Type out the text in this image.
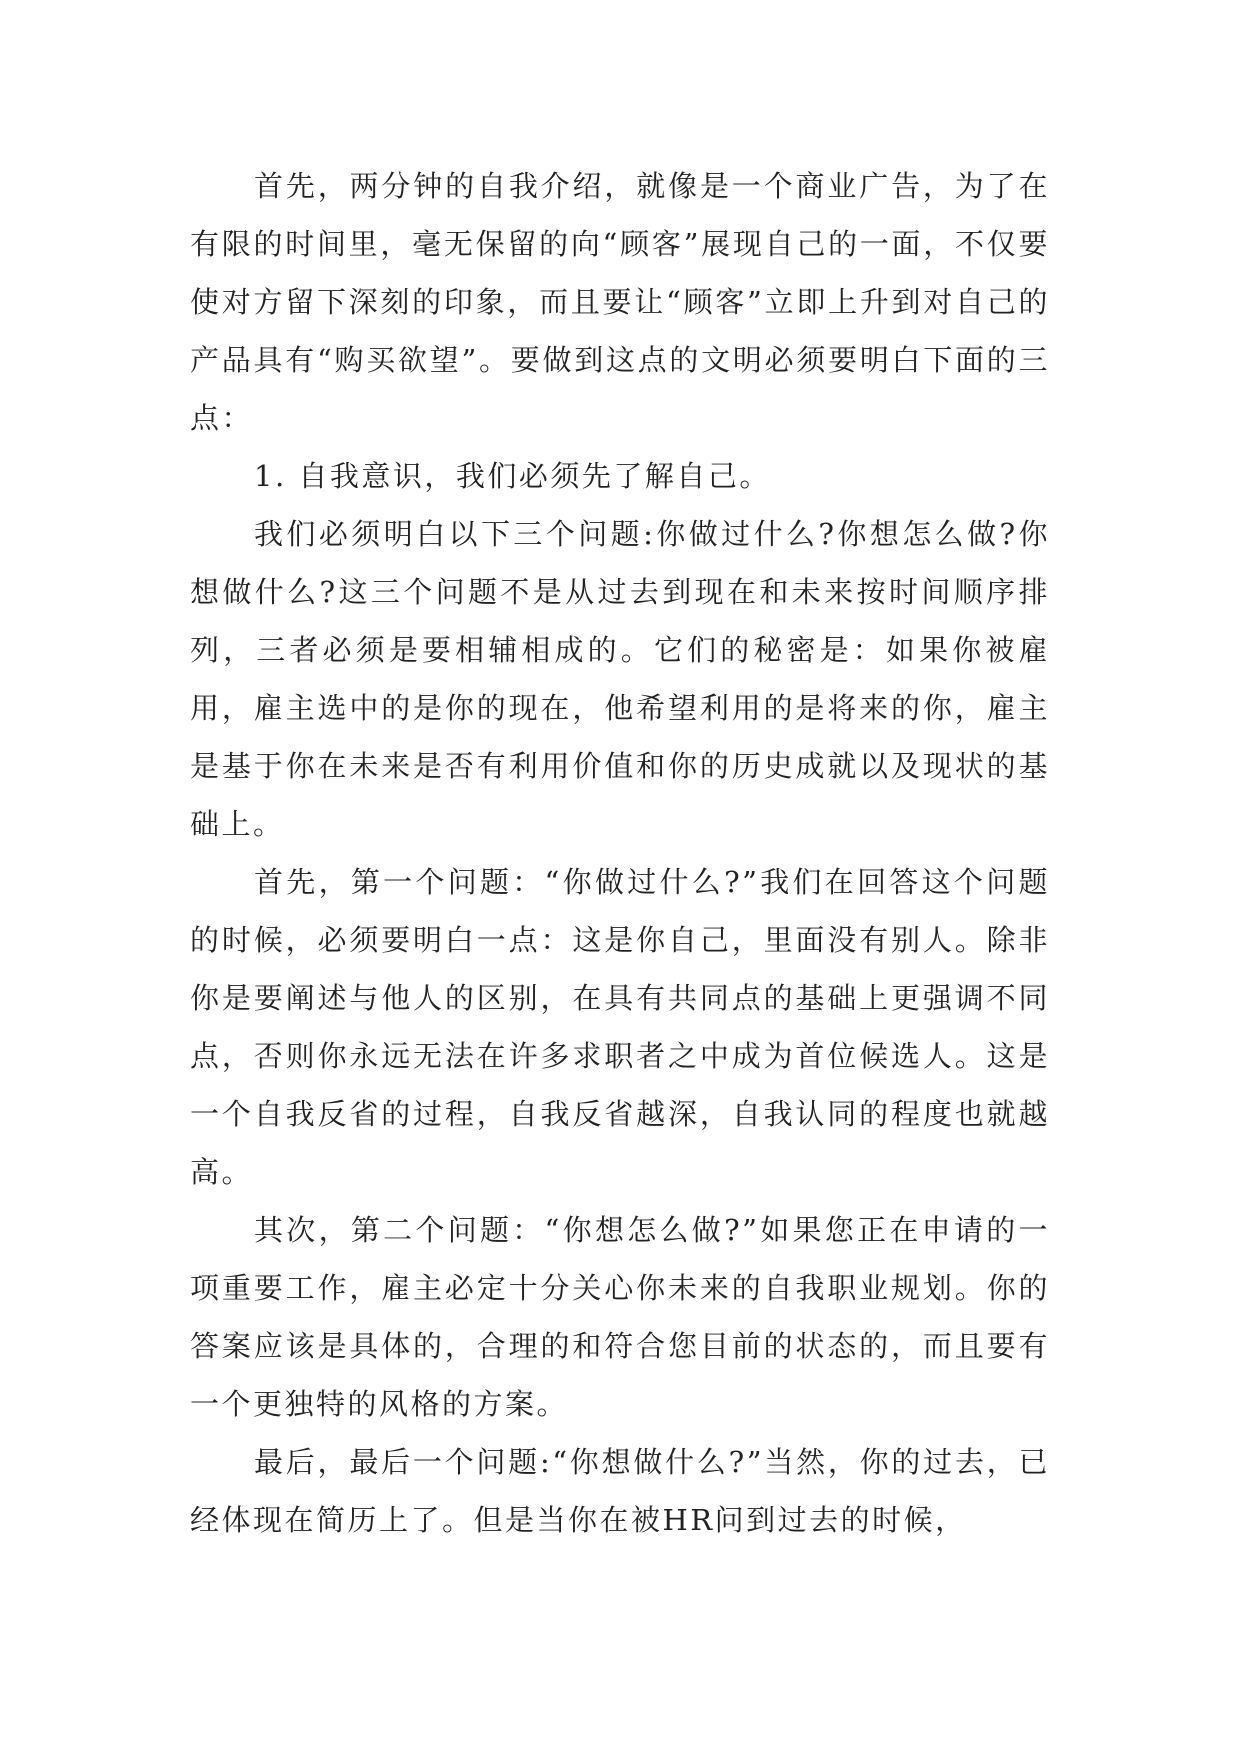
首先，两分钟的自我介绍，就像是一个商业广告，为了在有限的时间里，毫无保留的向“顾客”展现自己的一面，不仅要使对方留下深刻的印象，而且要让“顾客”立即上升到对自己的产品具有“购买欲望”。要做到这点的文明必须要明白下面的三点：

1. 自我意识，我们必须先了解自己。

我们必须明白以下三个问题:你做过什么?你想怎么做?你想做什么?这三个问题不是从过去到现在和未来按时间顺序排列，三者必须是要相辅相成的。它们的秘密是：如果你被雇用，雇主选中的是你的现在，他希望利用的是将来的你，雇主是基于你在未来是否有利用价值和你的历史成就以及现状的基础上。

首先，第一个问题：“你做过什么?”我们在回答这个问题的时候，必须要明白一点：这是你自己，里面没有别人。除非你是要阐述与他人的区别，在具有共同点的基础上更强调不同点，否则你永远无法在许多求职者之中成为首位候选人。这是一个自我反省的过程，自我反省越深，自我认同的程度也就越高。

其次，第二个问题：“你想怎么做?”如果您正在申请的一项重要工作，雇主必定十分关心你未来的自我职业规划。你的答案应该是具体的，合理的和符合您目前的状态的，而且要有一个更独特的风格的方案。

最后，最后一个问题:“你想做什么?”当然，你的过去，已经体现在简历上了。但是当你在被HR问到过去的时候，
